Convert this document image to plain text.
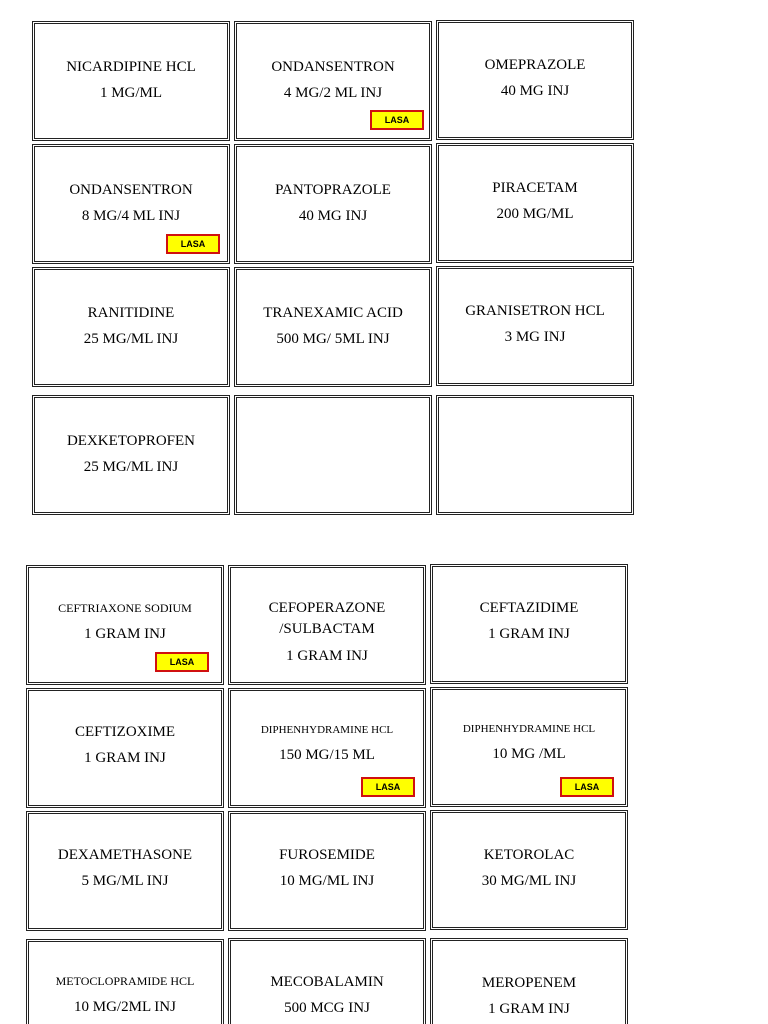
NICARDIPINE HCL
1 MG/ML
ONDANSENTRON
4 MG/2 ML INJ
LASA
OMEPRAZOLE
40 MG INJ
ONDANSENTRON
8 MG/4 ML INJ
LASA
PANTOPRAZOLE
40 MG INJ
PIRACETAM
200 MG/ML
RANITIDINE
25 MG/ML INJ
TRANEXAMIC ACID
500 MG/ 5ML INJ
GRANISETRON HCL
3 MG INJ
DEXKETOPROFEN
25 MG/ML INJ
CEFTRIAXONE SODIUM
1 GRAM INJ
LASA
CEFOPERAZONE
/SULBACTAM
1 GRAM INJ
CEFTAZIDIME
1 GRAM INJ
CEFTIZOXIME
1 GRAM INJ
DIPHENHYDRAMINE HCL
150 MG/15 ML
LASA
DIPHENHYDRAMINE HCL
10 MG /ML
LASA
DEXAMETHASONE
5 MG/ML INJ
FUROSEMIDE
10 MG/ML INJ
KETOROLAC
30 MG/ML INJ
METOCLOPRAMIDE HCL
10 MG/2ML INJ
MECOBALAMIN
500 MCG INJ
MEROPENEM
1 GRAM INJ
